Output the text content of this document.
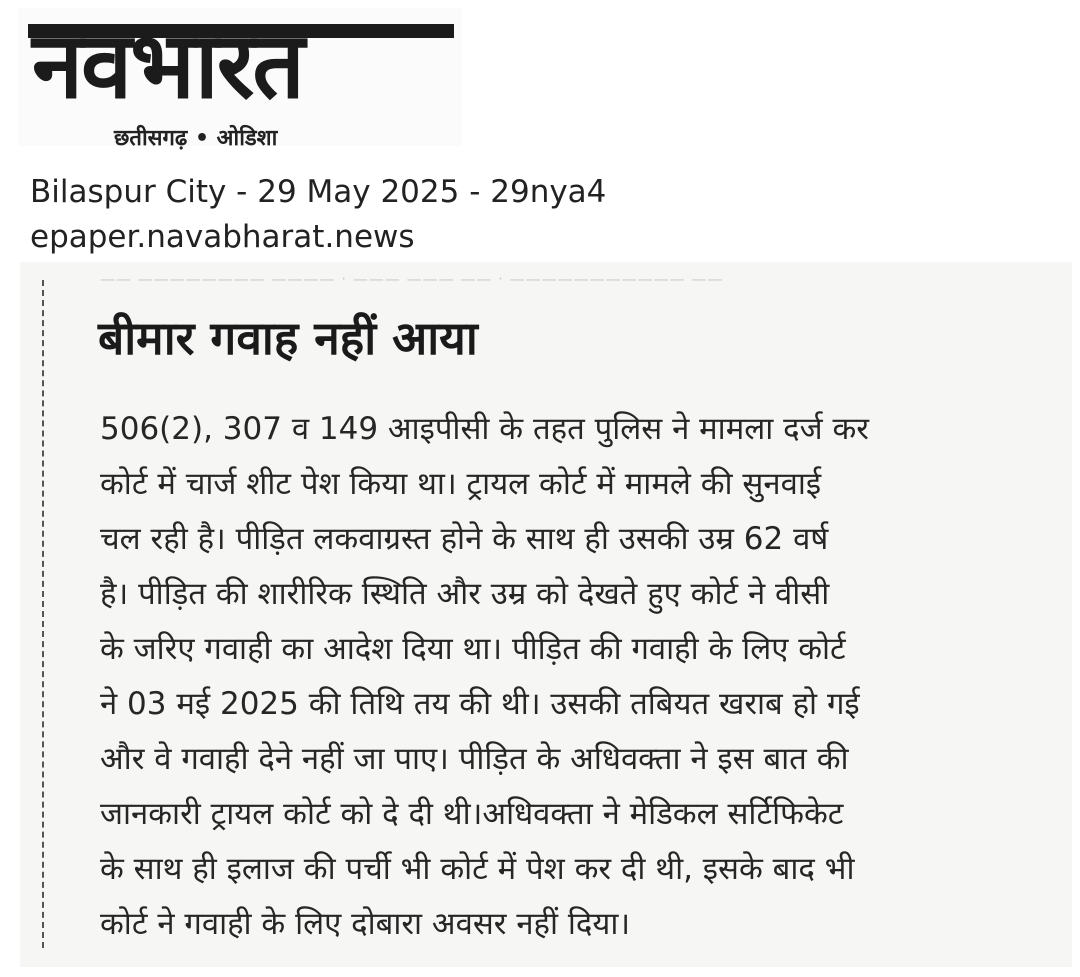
नवभारत
छतीसगढ़ • ओडिशा
Bilaspur City - 29 May 2025 - 29nya4
epaper.navabharat.news
—— ———————— ———— · ——— ——— —— · ——————————— ——
बीमार गवाह नहीं आया
506(2), 307 व 149 आइपीसी के तहत पुलिस ने मामला दर्ज कर
कोर्ट में चार्ज शीट पेश किया था। ट्रायल कोर्ट में मामले की सुनवाई
चल रही है। पीड़ित लकवाग्रस्त होने के साथ ही उसकी उम्र 62 वर्ष
है। पीड़ित की शारीरिक स्थिति और उम्र को देखते हुए कोर्ट ने वीसी
के जरिए गवाही का आदेश दिया था। पीड़ित की गवाही के लिए कोर्ट
ने 03 मई 2025 की तिथि तय की थी। उसकी तबियत खराब हो गई
और वे गवाही देने नहीं जा पाए। पीड़ित के अधिवक्ता ने इस बात की
जानकारी ट्रायल कोर्ट को दे दी थी।अधिवक्ता ने मेडिकल सर्टिफिकेट
के साथ ही इलाज की पर्ची भी कोर्ट में पेश कर दी थी, इसके बाद भी
कोर्ट ने गवाही के लिए दोबारा अवसर नहीं दिया।
